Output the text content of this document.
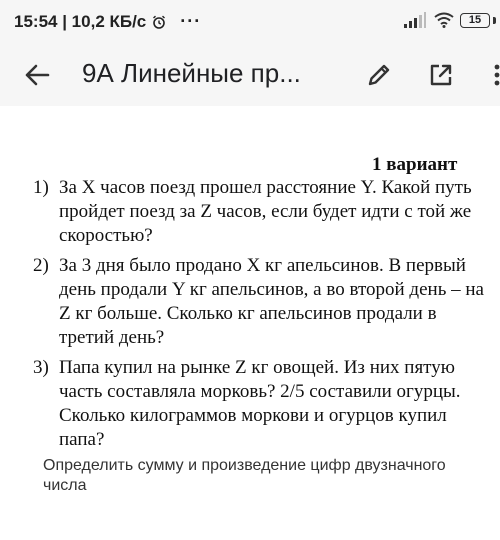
15:54 | 10,2 КБ/с ···	15
9А Линейные пр...
1 вариант
1) За X часов поезд прошел расстояние Y. Какой путь пройдет поезд за Z часов, если будет идти с той же скоростью?
2) За 3 дня было продано X кг апельсинов. В первый день продали Y кг апельсинов, а во второй день – на Z кг больше. Сколько кг апельсинов продали в третий день?
3) Папа купил на рынке Z кг овощей. Из них пятую часть составляла морковь? 2/5 составили огурцы. Сколько килограммов моркови и огурцов купил папа?
Определить сумму и произведение цифр двузначного числа
